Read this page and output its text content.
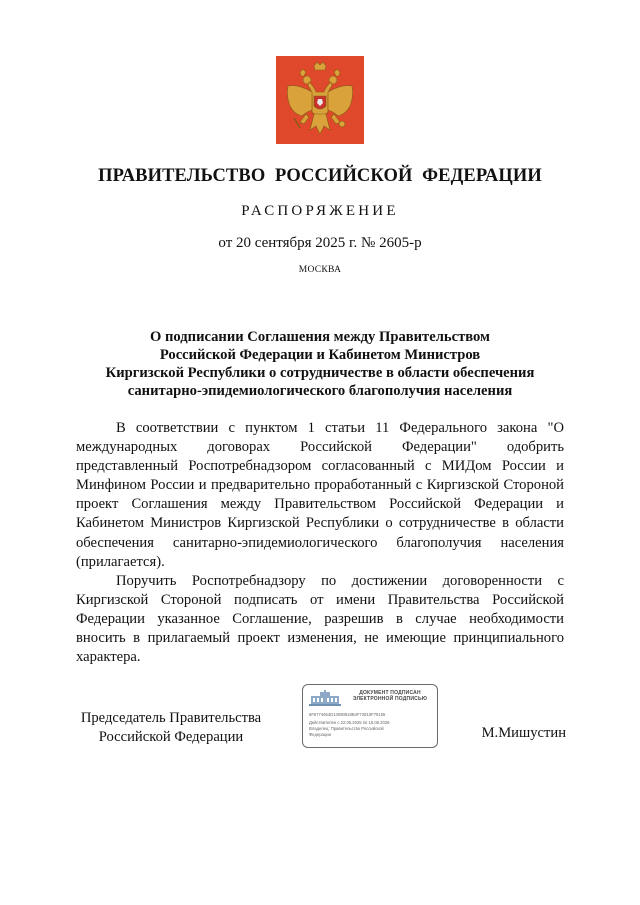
ПРАВИТЕЛЬСТВО РОССИЙСКОЙ ФЕДЕРАЦИИ
РАСПОРЯЖЕНИЕ
от 20 сентября 2025 г. № 2605-р
МОСКВА
О подписании Соглашения между Правительством
Российской Федерации и Кабинетом Министров
Киргизской Республики о сотрудничестве в области обеспечения
санитарно-эпидемиологического благополучия населения

В соответствии с пунктом 1 статьи 11 Федерального закона "О международных договорах Российской Федерации" одобрить представленный Роспотребнадзором согласованный с МИДом России и Минфином России и предварительно проработанный с Киргизской Стороной проект Соглашения между Правительством Российской Федерации и Кабинетом Министров Киргизской Республики о сотрудничестве в области обеспечения санитарно-эпидемиологического благополучия населения (прилагается).

Поручить Роспотребнадзору по достижении договоренности с Киргизской Стороной подписать от имени Правительства Российской Федерации указанное Соглашение, разрешив в случае необходимости вносить в прилагаемый проект изменения, не имеющие принципиального характера.

Председатель Правительства
Российской Федерации
ДОКУМЕНТ ПОДПИСАН
ЭЛЕКТРОННОЙ ПОДПИСЬЮ
6F6774654D13090818B4F72810F79155
Действителен с 22.05.2025 по 15.08.2026
Владелец: Правительство Российской
Федерации	М.Мишустин
